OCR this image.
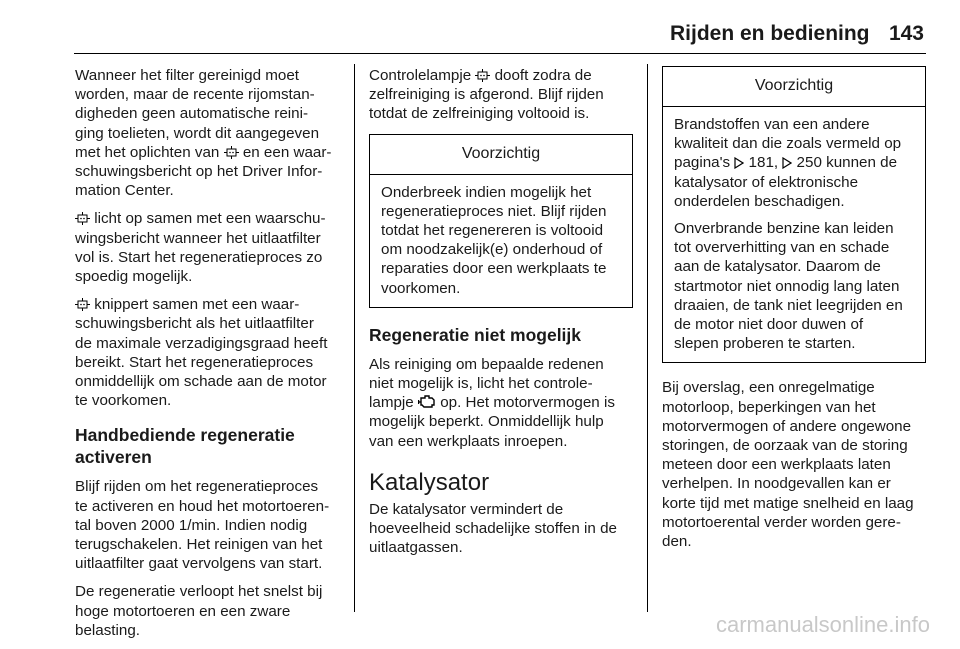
Rijden en bediening 143

Wanneer het filter gereinigd moet
worden, maar de recente rijomstan-
digheden geen automatische reini-
ging toelieten, wordt dit aangegeven
met het oplichten van  en een waar-
schuwingsbericht op het Driver Infor-
mation Center.

licht op samen met een waarschu-
wingsbericht wanneer het uitlaatfilter
vol is. Start het regeneratieproces zo
spoedig mogelijk.

knippert samen met een waar-
schuwingsbericht als het uitlaatfilter
de maximale verzadigingsgraad heeft
bereikt. Start het regeneratieproces
onmiddellijk om schade aan de motor
te voorkomen.

Handbediende regeneratie
activeren

Blijf rijden om het regeneratieproces
te activeren en houd het motortoeren-
tal boven 2000 1/min. Indien nodig
terugschakelen. Het reinigen van het
uitlaatfilter gaat vervolgens van start.

De regeneratie verloopt het snelst bij
hoge motortoeren en een zware
belasting.

Controlelampje  dooft zodra de
zelfreiniging is afgerond. Blijf rijden
totdat de zelfreiniging voltooid is.

Voorzichtig
Onderbreek indien mogelijk het
regeneratieproces niet. Blijf rijden
totdat het regenereren is voltooid
om noodzakelijk(e) onderhoud of
reparaties door een werkplaats te
voorkomen.
Regeneratie niet mogelijk

Als reiniging om bepaalde redenen
niet mogelijk is, licht het controle-
lampje  op. Het motorvermogen is
mogelijk beperkt. Onmiddellijk hulp
van een werkplaats inroepen.

Katalysator

De katalysator vermindert de
hoeveelheid schadelijke stoffen in de
uitlaatgassen.

Voorzichtig

Brandstoffen van een andere
kwaliteit dan die zoals vermeld op
pagina's  181,  250 kunnen de
katalysator of elektronische
onderdelen beschadigen.

Onverbrande benzine kan leiden
tot oververhitting van en schade
aan de katalysator. Daarom de
startmotor niet onnodig lang laten
draaien, de tank niet leegrijden en
de motor niet door duwen of
slepen proberen te starten.

Bij overslag, een onregelmatige
motorloop, beperkingen van het
motorvermogen of andere ongewone
storingen, de oorzaak van de storing
meteen door een werkplaats laten
verhelpen. In noodgevallen kan er
korte tijd met matige snelheid en laag
motortoerental verder worden gere-
den.

carmanualsonline.info
